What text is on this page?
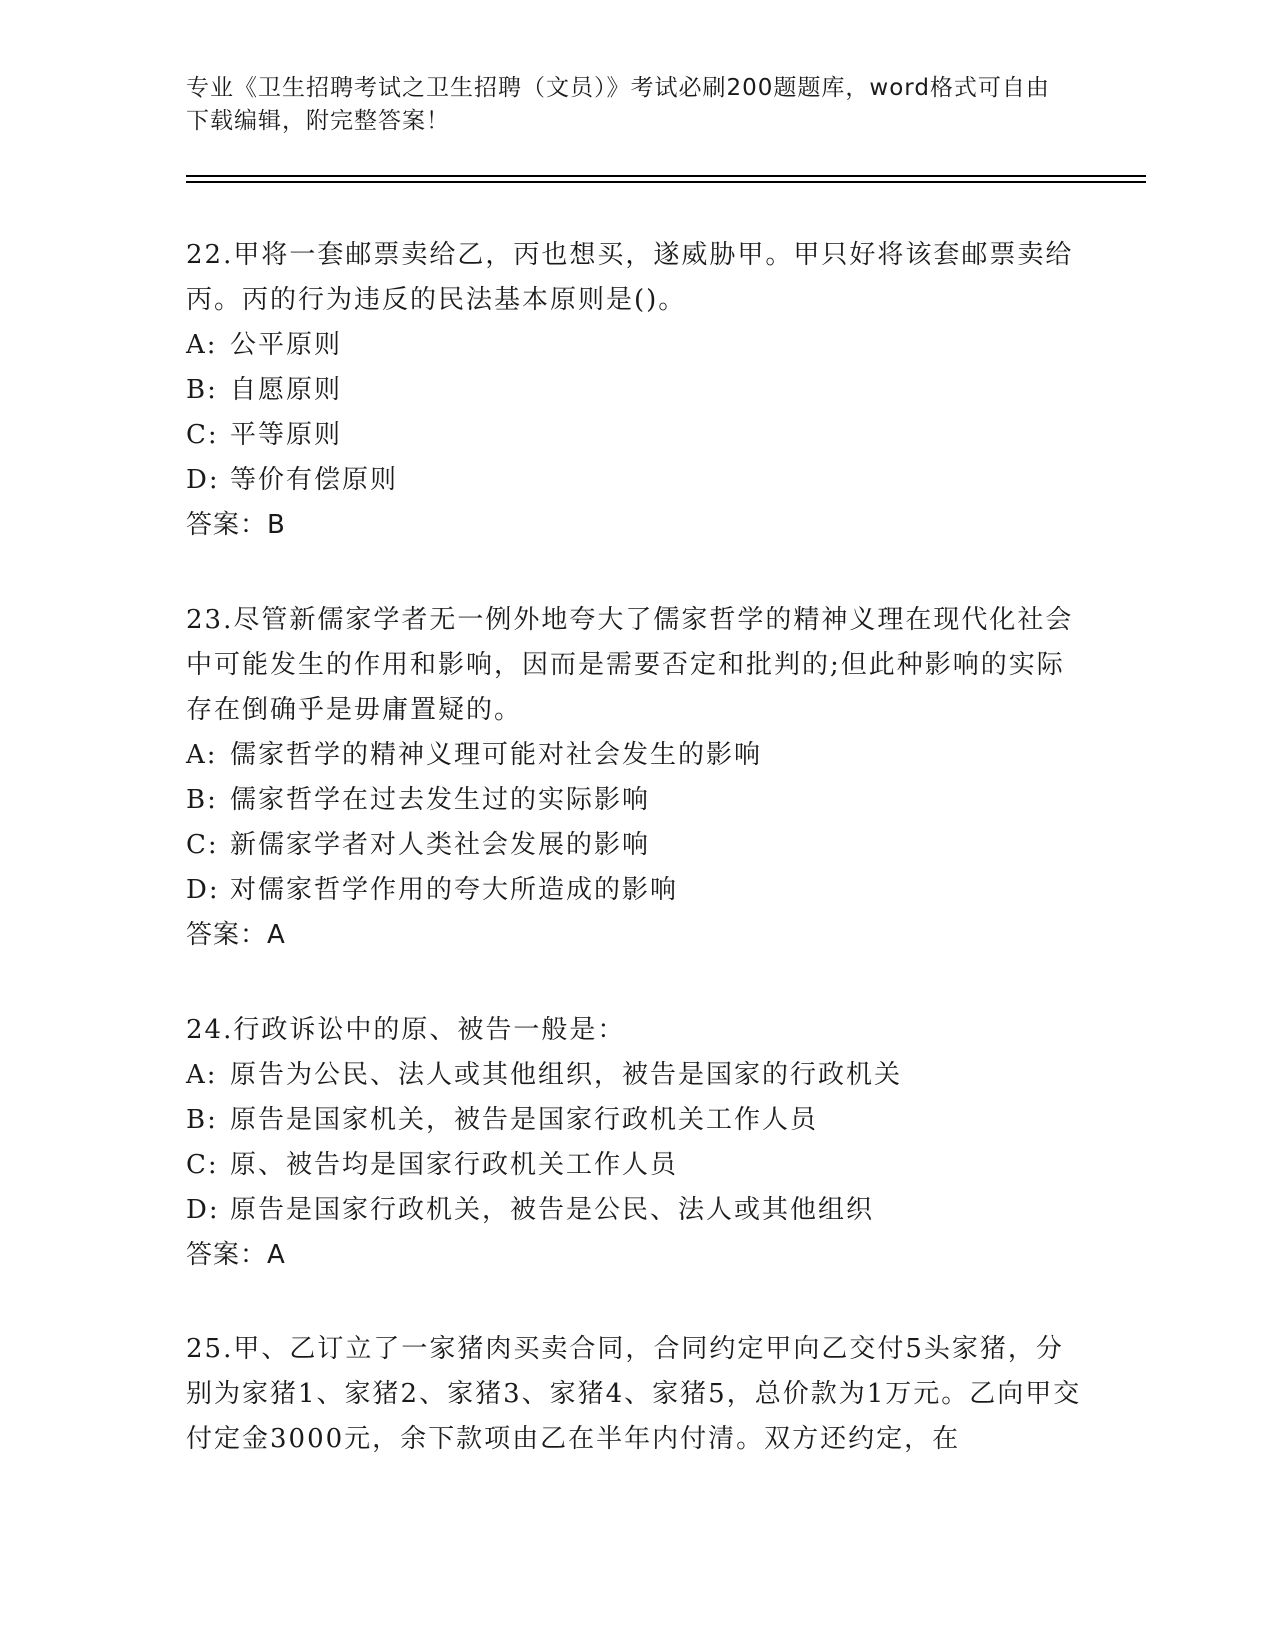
专业《卫生招聘考试之卫生招聘（文员）》考试必刷200题题库，word格式可自由下载编辑，附完整答案！

22.甲将一套邮票卖给乙，丙也想买，遂威胁甲。甲只好将该套邮票卖给丙。丙的行为违反的民法基本原则是()。

A: 公平原则

B: 自愿原则

C: 平等原则

D: 等价有偿原则

答案：B

23.尽管新儒家学者无一例外地夸大了儒家哲学的精神义理在现代化社会中可能发生的作用和影响，因而是需要否定和批判的;但此种影响的实际存在倒确乎是毋庸置疑的。

A: 儒家哲学的精神义理可能对社会发生的影响

B: 儒家哲学在过去发生过的实际影响

C: 新儒家学者对人类社会发展的影响

D: 对儒家哲学作用的夸大所造成的影响

答案：A

24.行政诉讼中的原、被告一般是：

A: 原告为公民、法人或其他组织，被告是国家的行政机关

B: 原告是国家机关，被告是国家行政机关工作人员

C: 原、被告均是国家行政机关工作人员

D: 原告是国家行政机关，被告是公民、法人或其他组织

答案：A

25.甲、乙订立了一家猪肉买卖合同，合同约定甲向乙交付5头家猪，分别为家猪1、家猪2、家猪3、家猪4、家猪5，总价款为1万元。乙向甲交付定金3000元，余下款项由乙在半年内付清。双方还约定，在
